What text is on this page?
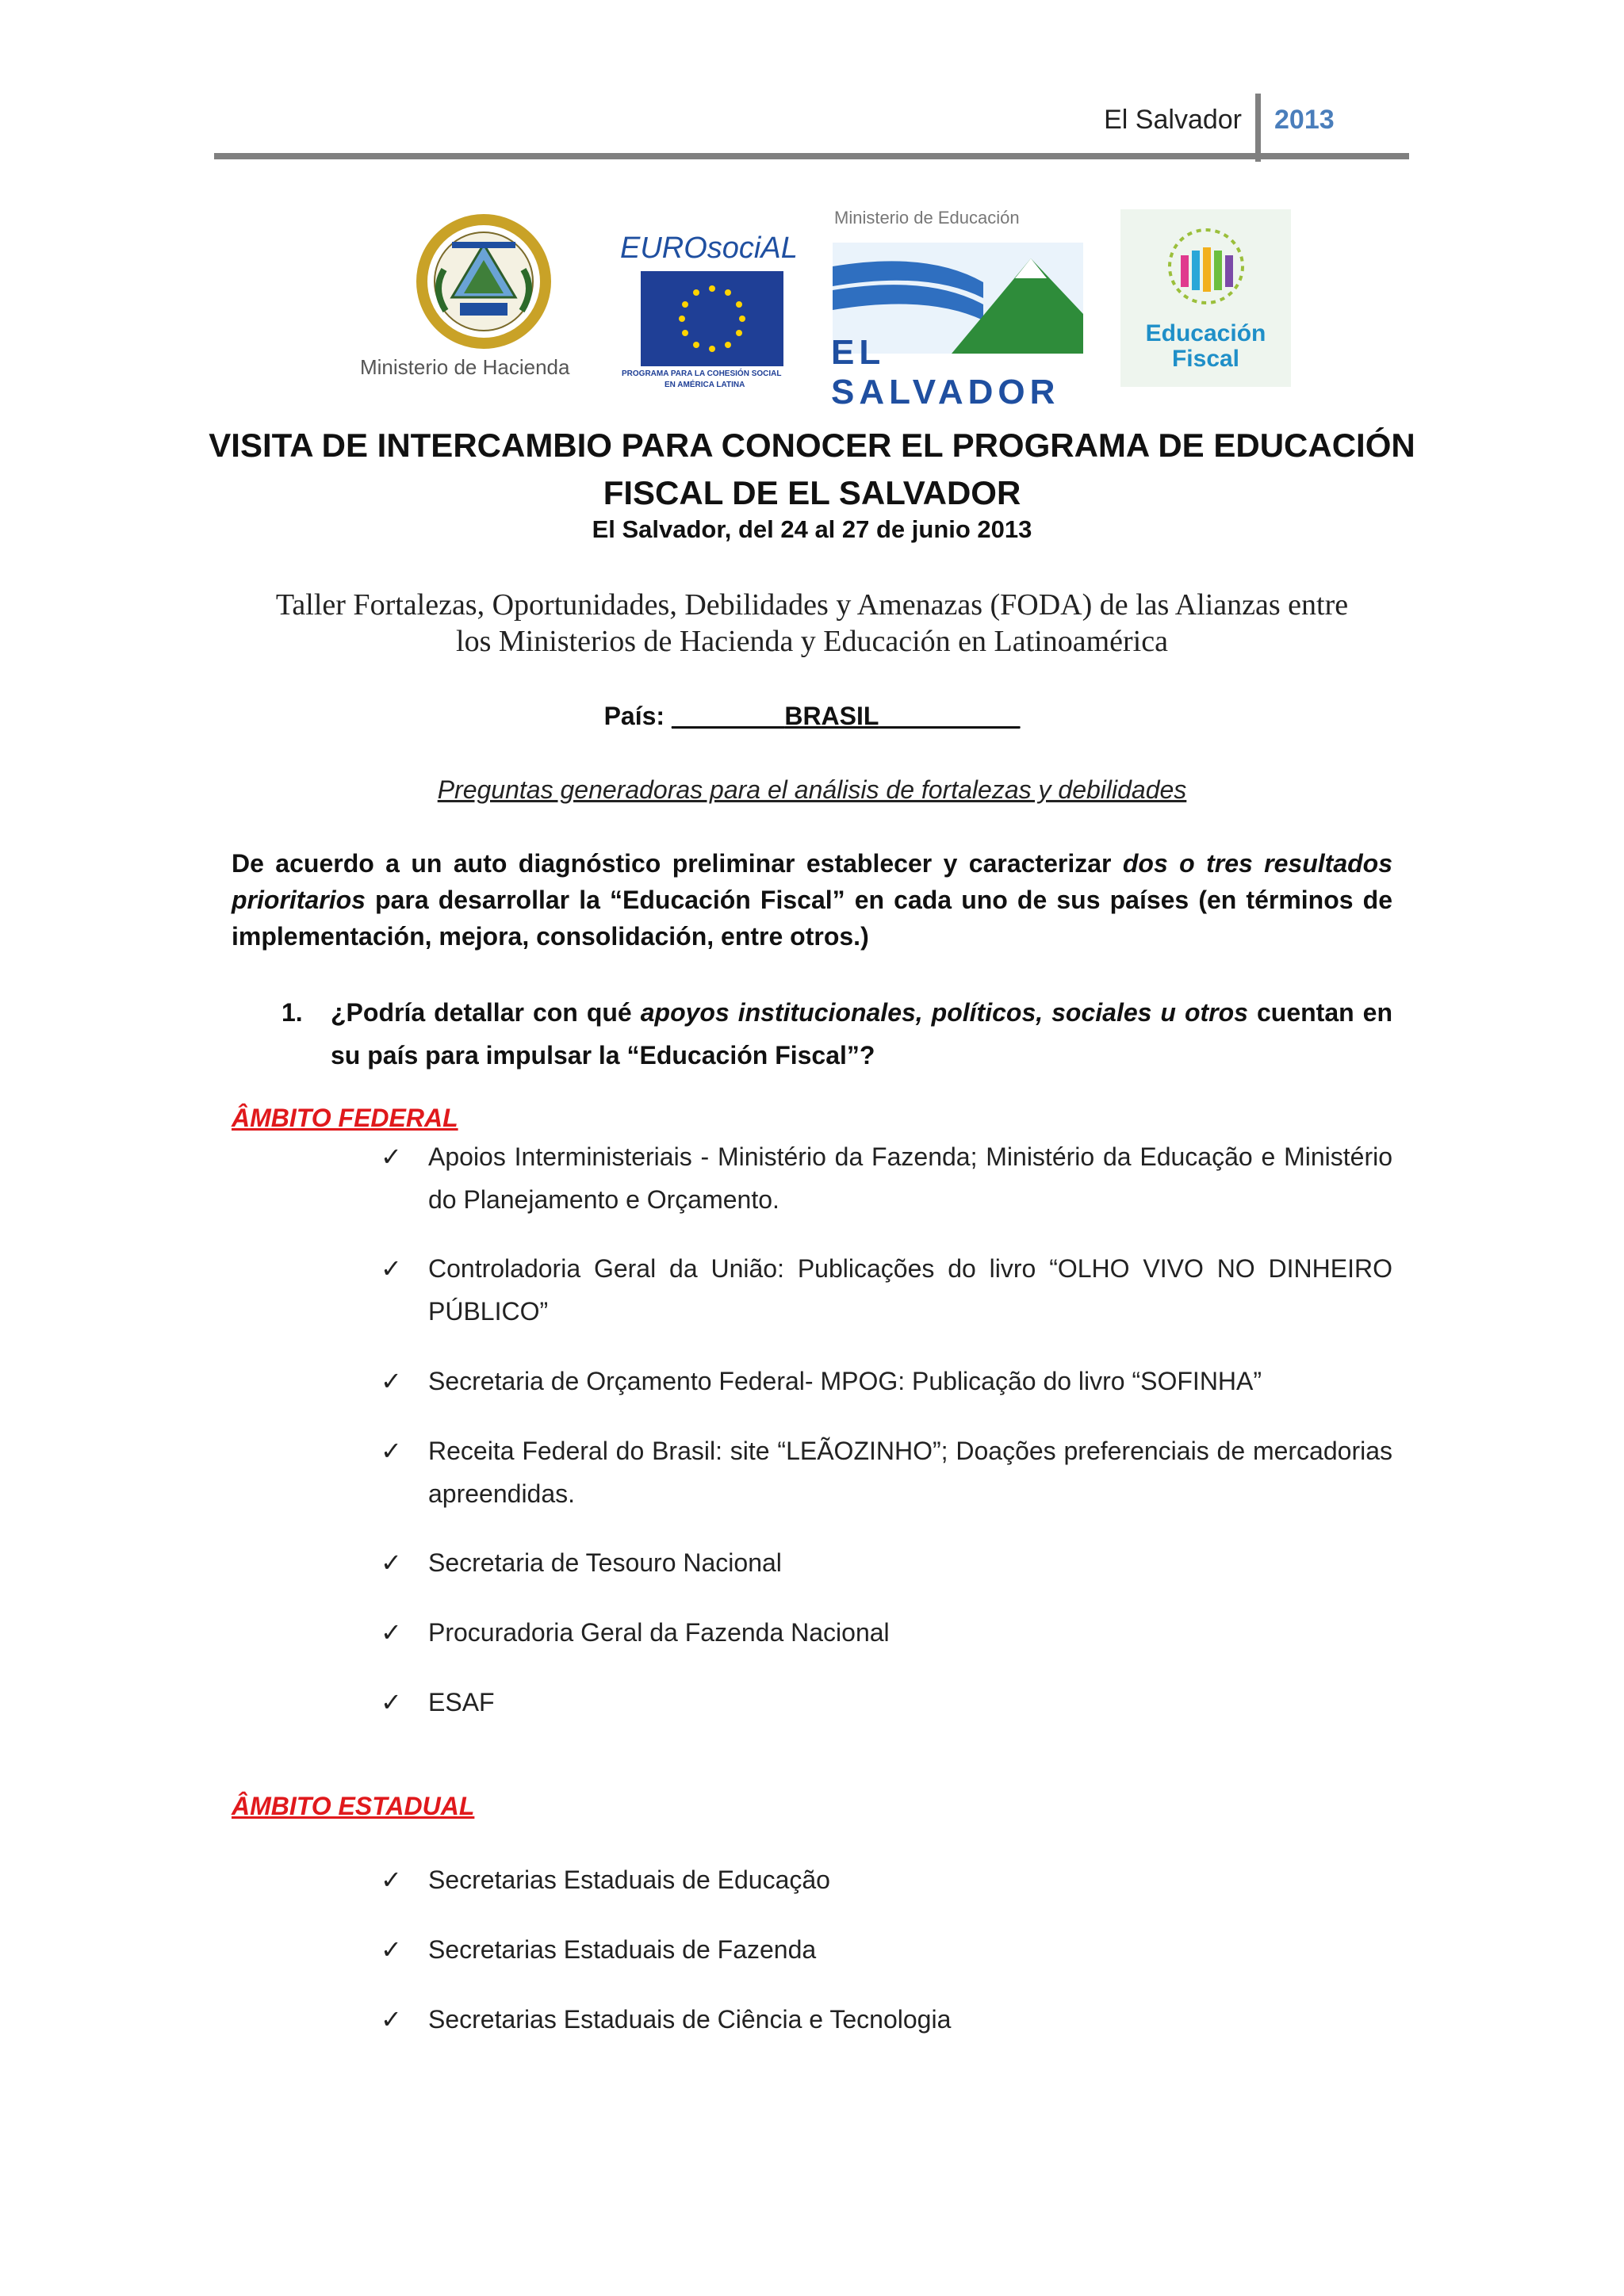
El Salvador 2013
Ministerio de Hacienda
EUROsociAL
PROGRAMA PARA LA COHESIÓN SOCIAL
EN AMÉRICA LATINA
Ministerio de Educación
EL SALVADOR
Educación
Fiscal
VISITA DE INTERCAMBIO PARA CONOCER EL PROGRAMA DE EDUCACIÓN
FISCAL DE EL SALVADOR
El Salvador, del 24 al 27 de junio 2013
Taller Fortalezas, Oportunidades, Debilidades y Amenazas (FODA) de las Alianzas entre
los Ministerios de Hacienda y Educación en Latinoamérica
País: ________BRASIL__________
Preguntas generadoras para el análisis de fortalezas y debilidades
De acuerdo a un auto diagnóstico preliminar establecer y caracterizar dos o tres resultados prioritarios para desarrollar la “Educación Fiscal” en cada uno de sus países (en términos de implementación, mejora, consolidación, entre otros.)
1. ¿Podría detallar con qué apoyos institucionales, políticos, sociales u otros cuentan en su país para impulsar la “Educación Fiscal”?
ÂMBITO FEDERAL
✓ Apoios Interministeriais - Ministério da Fazenda; Ministério da Educação e Ministério do Planejamento e Orçamento.
✓ Controladoria Geral da União: Publicações do livro “OLHO VIVO NO DINHEIRO PÚBLICO”
✓ Secretaria de Orçamento Federal- MPOG: Publicação do livro “SOFINHA”
✓ Receita Federal do Brasil: site “LEÃOZINHO”; Doações preferenciais de mercadorias apreendidas.
✓ Secretaria de Tesouro Nacional
✓ Procuradoria Geral da Fazenda Nacional
✓ ESAF
ÂMBITO ESTADUAL
✓ Secretarias Estaduais de Educação
✓ Secretarias Estaduais de Fazenda
✓ Secretarias Estaduais de Ciência e Tecnologia
